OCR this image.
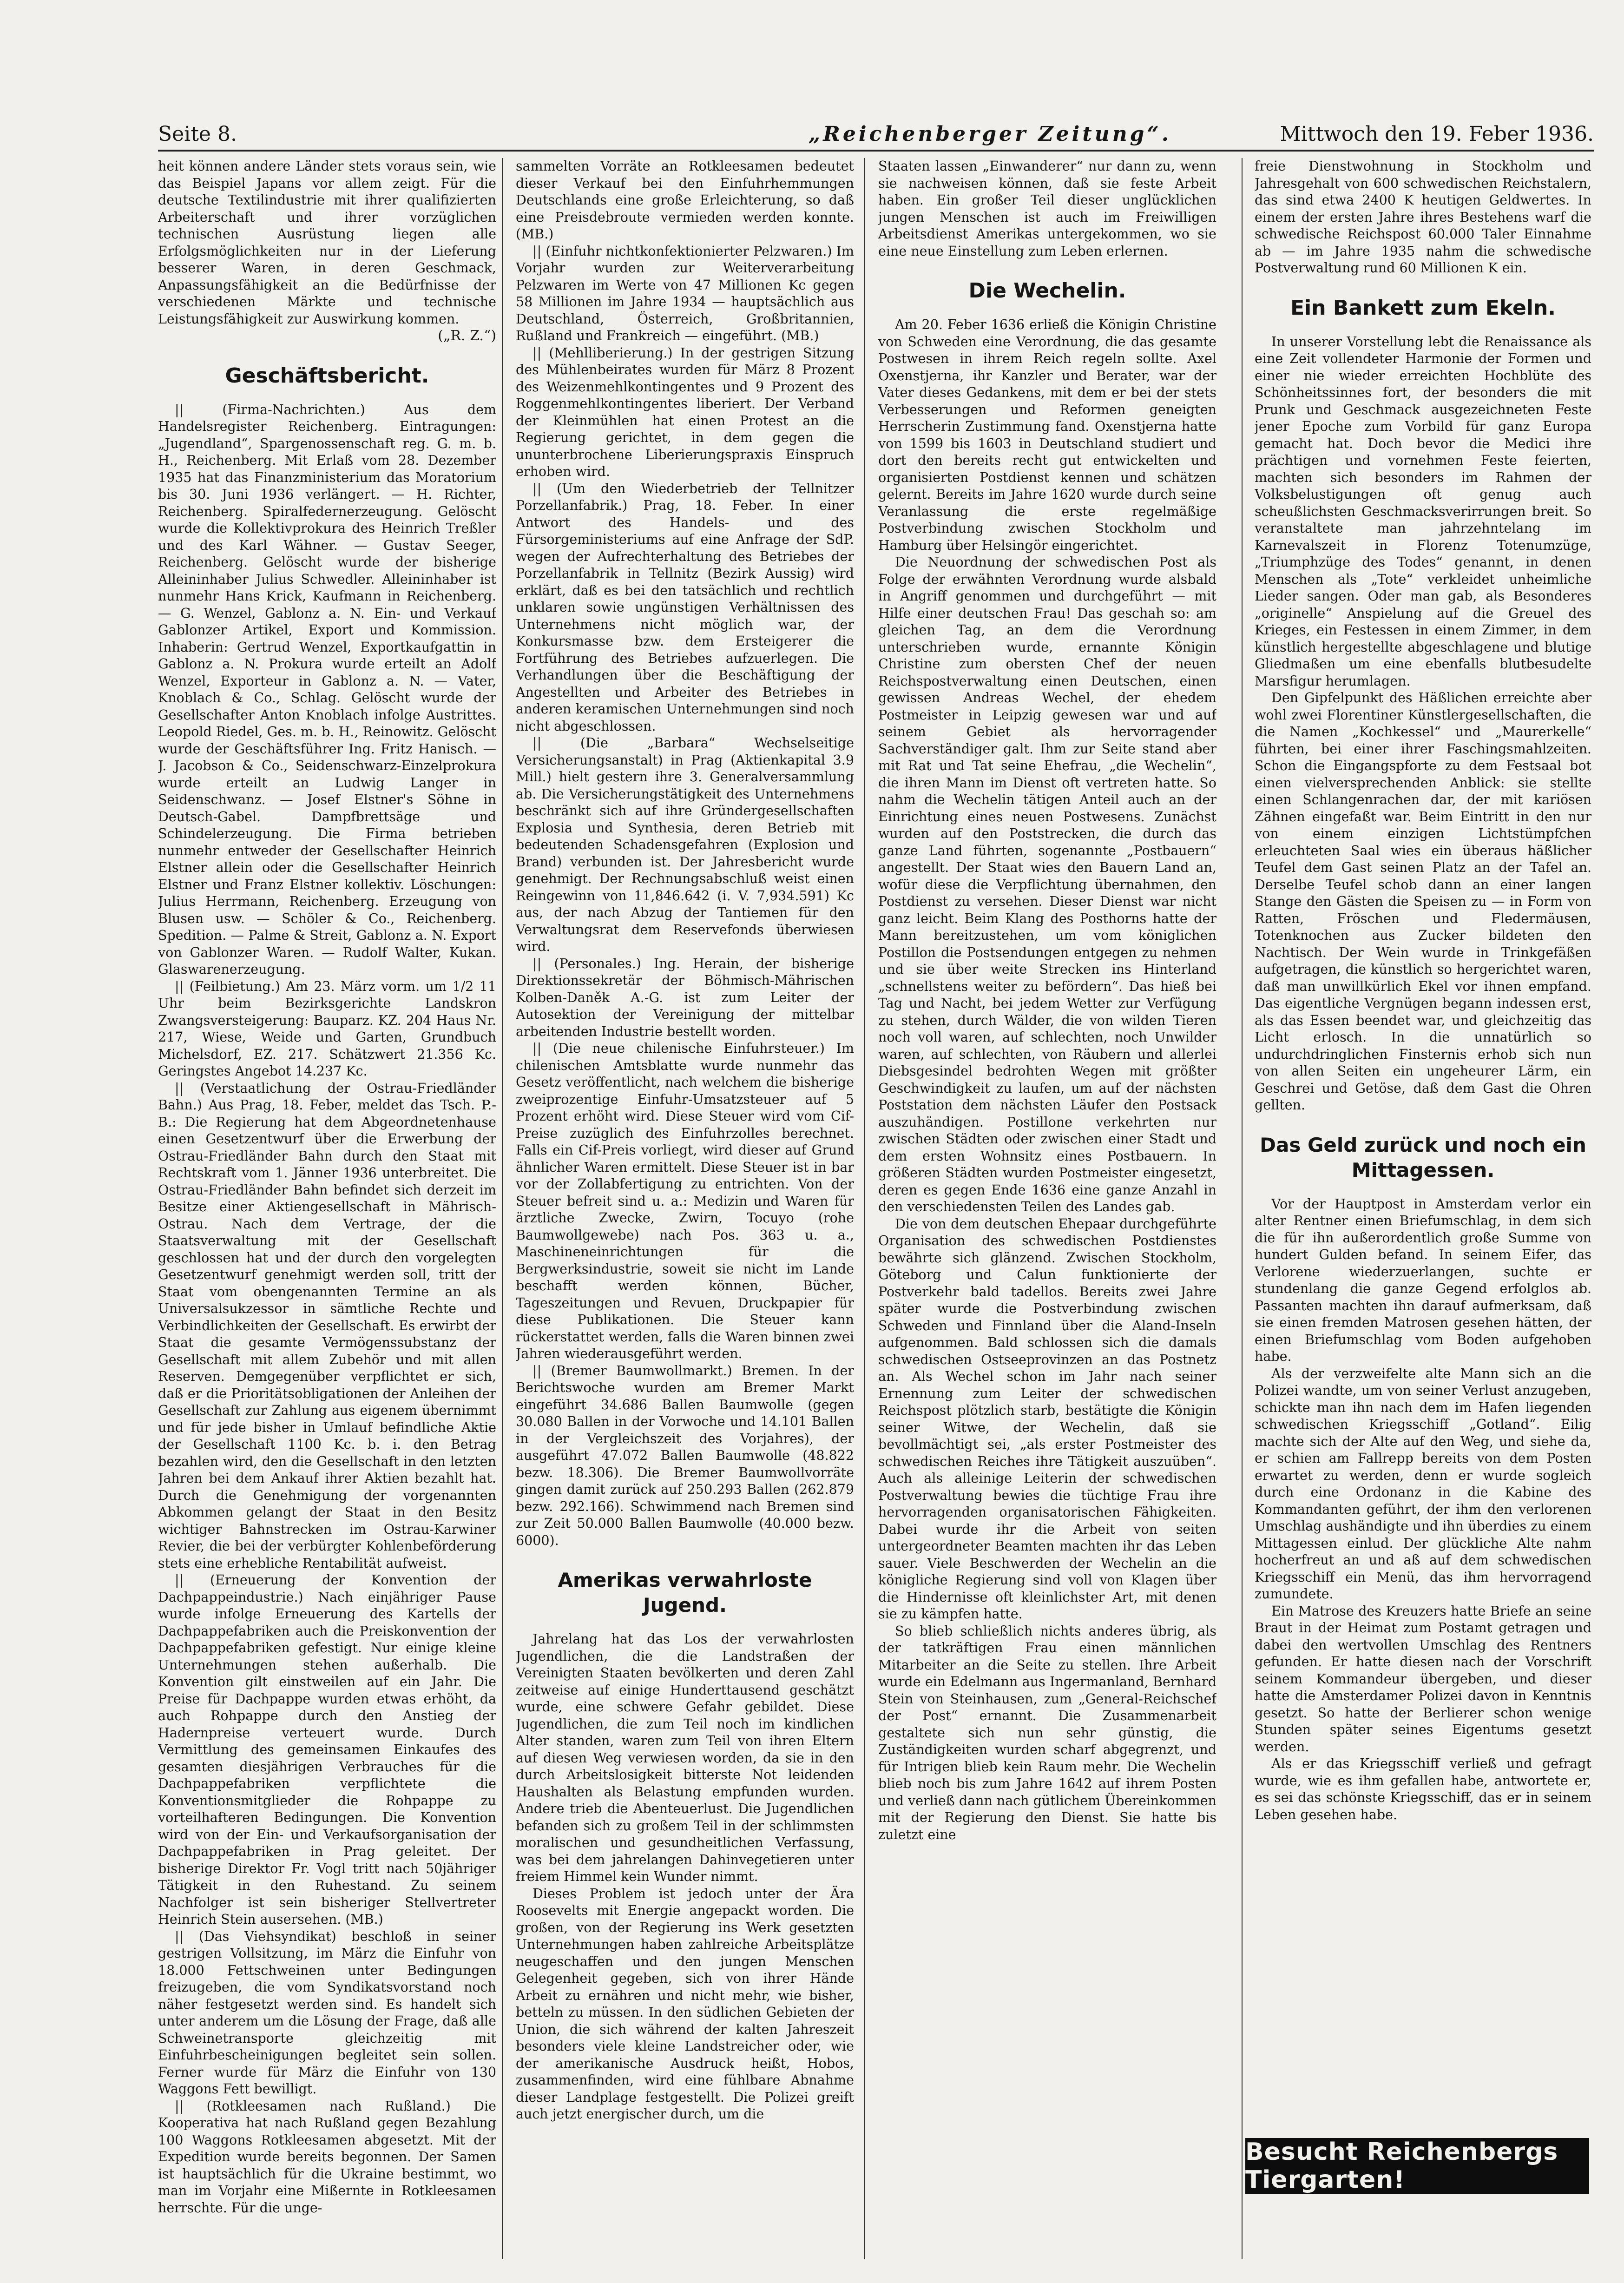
Seite 8.	„Reichenberger Zeitung“.	Mittwoch den 19. Feber 1936.

heit können andere Länder stets voraus sein, wie das Beispiel Japans vor allem zeigt. Für die deutsche Textilindustrie mit ihrer qualifizierten Arbeiterschaft und ihrer vorzüglichen technischen Ausrüstung liegen alle Erfolgsmöglichkeiten nur in der Lieferung besserer Waren, in deren Geschmack, Anpassungsfähigkeit an die Bedürfnisse der verschiedenen Märkte und technische Leistungsfähigkeit zur Auswirkung kommen.

(„R. Z.“)

Geschäftsbericht.

|| (Firma-Nachrichten.) Aus dem Handelsregister Reichenberg. Eintragungen: „Jugendland“, Spargenossenschaft reg. G. m. b. H., Reichenberg. Mit Erlaß vom 28. Dezember 1935 hat das Finanzministerium das Moratorium bis 30. Juni 1936 verlängert. — H. Richter, Reichenberg. Spiralfedernerzeugung. Gelöscht wurde die Kollektivprokura des Heinrich Treßler und des Karl Wähner. — Gustav Seeger, Reichenberg. Gelöscht wurde der bisherige Alleininhaber Julius Schwedler. Alleininhaber ist nunmehr Hans Krick, Kaufmann in Reichenberg. — G. Wenzel, Gablonz a. N. Ein- und Verkauf Gablonzer Artikel, Export und Kommission. Inhaberin: Gertrud Wenzel, Exportkaufgattin in Gablonz a. N. Prokura wurde erteilt an Adolf Wenzel, Exporteur in Gablonz a. N. — Vater, Knoblach & Co., Schlag. Gelöscht wurde der Gesellschafter Anton Knoblach infolge Austrittes. Leopold Riedel, Ges. m. b. H., Reinowitz. Gelöscht wurde der Geschäftsführer Ing. Fritz Hanisch. — J. Jacobson & Co., Seidenschwarz-Einzelprokura wurde erteilt an Ludwig Langer in Seidenschwanz. — Josef Elstner's Söhne in Deutsch-Gabel. Dampfbrettsäge und Schindelerzeugung. Die Firma betrieben nunmehr entweder der Gesellschafter Heinrich Elstner allein oder die Gesellschafter Heinrich Elstner und Franz Elstner kollektiv. Löschungen: Julius Herrmann, Reichenberg. Erzeugung von Blusen usw. — Schöler & Co., Reichenberg. Spedition. — Palme & Streit, Gablonz a. N. Export von Gablonzer Waren. — Rudolf Walter, Kukan. Glaswarenerzeugung.

|| (Feilbietung.) Am 23. März vorm. um 1/2 11 Uhr beim Bezirksgerichte Landskron Zwangsversteigerung: Bauparz. KZ. 204 Haus Nr. 217, Wiese, Weide und Garten, Grundbuch Michelsdorf, EZ. 217. Schätzwert 21.356 Kc. Geringstes Angebot 14.237 Kc.

|| (Verstaatlichung der Ostrau-Friedländer Bahn.) Aus Prag, 18. Feber, meldet das Tsch. P.-B.: Die Regierung hat dem Abgeordnetenhause einen Gesetzentwurf über die Erwerbung der Ostrau-Friedländer Bahn durch den Staat mit Rechtskraft vom 1. Jänner 1936 unterbreitet. Die Ostrau-Friedländer Bahn befindet sich derzeit im Besitze einer Aktiengesellschaft in Mährisch-Ostrau. Nach dem Vertrage, der die Staatsverwaltung mit der Gesellschaft geschlossen hat und der durch den vorgelegten Gesetzentwurf genehmigt werden soll, tritt der Staat vom obengenannten Termine an als Universalsukzessor in sämtliche Rechte und Verbindlichkeiten der Gesellschaft. Es erwirbt der Staat die gesamte Vermögenssubstanz der Gesellschaft mit allem Zubehör und mit allen Reserven. Demgegenüber verpflichtet er sich, daß er die Prioritätsobligationen der Anleihen der Gesellschaft zur Zahlung aus eigenem übernimmt und für jede bisher in Umlauf befindliche Aktie der Gesellschaft 1100 Kc. b. i. den Betrag bezahlen wird, den die Gesellschaft in den letzten Jahren bei dem Ankauf ihrer Aktien bezahlt hat. Durch die Genehmigung der vorgenannten Abkommen gelangt der Staat in den Besitz wichtiger Bahnstrecken im Ostrau-Karwiner Revier, die bei der verbürgter Kohlenbeförderung stets eine erhebliche Rentabilität aufweist.

|| (Erneuerung der Konvention der Dachpappeindustrie.) Nach einjähriger Pause wurde infolge Erneuerung des Kartells der Dachpappefabriken auch die Preiskonvention der Dachpappefabriken gefestigt. Nur einige kleine Unternehmungen stehen außerhalb. Die Konvention gilt einstweilen auf ein Jahr. Die Preise für Dachpappe wurden etwas erhöht, da auch Rohpappe durch den Anstieg der Hadernpreise verteuert wurde. Durch Vermittlung des gemeinsamen Einkaufes des gesamten diesjährigen Verbrauches für die Dachpappefabriken verpflichtete die Konventionsmitglieder die Rohpappe zu vorteilhafteren Bedingungen. Die Konvention wird von der Ein- und Verkaufsorganisation der Dachpappefabriken in Prag geleitet. Der bisherige Direktor Fr. Vogl tritt nach 50jähriger Tätigkeit in den Ruhestand. Zu seinem Nachfolger ist sein bisheriger Stellvertreter Heinrich Stein ausersehen. (MB.)

|| (Das Viehsyndikat) beschloß in seiner gestrigen Vollsitzung, im März die Einfuhr von 18.000 Fettschweinen unter Bedingungen freizugeben, die vom Syndikatsvorstand noch näher festgesetzt werden sind. Es handelt sich unter anderem um die Lösung der Frage, daß alle Schweinetransporte gleichzeitig mit Einfuhrbescheinigungen begleitet sein sollen. Ferner wurde für März die Einfuhr von 130 Waggons Fett bewilligt.

|| (Rotkleesamen nach Rußland.) Die Kooperativa hat nach Rußland gegen Bezahlung 100 Waggons Rotkleesamen abgesetzt. Mit der Expedition wurde bereits begonnen. Der Samen ist hauptsächlich für die Ukraine bestimmt, wo man im Vorjahr eine Mißernte in Rotkleesamen herrschte. Für die unge-

sammelten Vorräte an Rotkleesamen bedeutet dieser Verkauf bei den Einfuhrhemmungen Deutschlands eine große Erleichterung, so daß eine Preisdebroute vermieden werden konnte. (MB.)

|| (Einfuhr nichtkonfektionierter Pelzwaren.) Im Vorjahr wurden zur Weiterverarbeitung Pelzwaren im Werte von 47 Millionen Kc gegen 58 Millionen im Jahre 1934 — hauptsächlich aus Deutschland, Österreich, Großbritannien, Rußland und Frankreich — eingeführt. (MB.)

|| (Mehlliberierung.) In der gestrigen Sitzung des Mühlenbeirates wurden für März 8 Prozent des Weizenmehlkontingentes und 9 Prozent des Roggenmehlkontingentes liberiert. Der Verband der Kleinmühlen hat einen Protest an die Regierung gerichtet, in dem gegen die ununterbrochene Liberierungspraxis Einspruch erhoben wird.

|| (Um den Wiederbetrieb der Tellnitzer Porzellanfabrik.) Prag, 18. Feber. In einer Antwort des Handels- und des Fürsorgeministeriums auf eine Anfrage der SdP. wegen der Aufrechterhaltung des Betriebes der Porzellanfabrik in Tellnitz (Bezirk Aussig) wird erklärt, daß es bei den tatsächlich und rechtlich unklaren sowie ungünstigen Verhältnissen des Unternehmens nicht möglich war, der Konkursmasse bzw. dem Ersteigerer die Fortführung des Betriebes aufzuerlegen. Die Verhandlungen über die Beschäftigung der Angestellten und Arbeiter des Betriebes in anderen keramischen Unternehmungen sind noch nicht abgeschlossen.

|| (Die „Barbara“ Wechselseitige Versicherungsanstalt) in Prag (Aktienkapital 3.9 Mill.) hielt gestern ihre 3. Generalversammlung ab. Die Versicherungstätigkeit des Unternehmens beschränkt sich auf ihre Gründergesellschaften Explosia und Synthesia, deren Betrieb mit bedeutenden Schadensgefahren (Explosion und Brand) verbunden ist. Der Jahresbericht wurde genehmigt. Der Rechnungsabschluß weist einen Reingewinn von 11,846.642 (i. V. 7,934.591) Kc aus, der nach Abzug der Tantiemen für den Verwaltungsrat dem Reservefonds überwiesen wird.

|| (Personales.) Ing. Herain, der bisherige Direktionssekretär der Böhmisch-Mährischen Kolben-Daněk A.-G. ist zum Leiter der Autosektion der Vereinigung der mittelbar arbeitenden Industrie bestellt worden.

|| (Die neue chilenische Einfuhrsteuer.) Im chilenischen Amtsblatte wurde nunmehr das Gesetz veröffentlicht, nach welchem die bisherige zweiprozentige Einfuhr-Umsatzsteuer auf 5 Prozent erhöht wird. Diese Steuer wird vom Cif-Preise zuzüglich des Einfuhrzolles berechnet. Falls ein Cif-Preis vorliegt, wird dieser auf Grund ähnlicher Waren ermittelt. Diese Steuer ist in bar vor der Zollabfertigung zu entrichten. Von der Steuer befreit sind u. a.: Medizin und Waren für ärztliche Zwecke, Zwirn, Tocuyo (rohe Baumwollgewebe) nach Pos. 363 u. a., Maschineneinrichtungen für die Bergwerksindustrie, soweit sie nicht im Lande beschafft werden können, Bücher, Tageszeitungen und Revuen, Druckpapier für diese Publikationen. Die Steuer kann rückerstattet werden, falls die Waren binnen zwei Jahren wiederausgeführt werden.

|| (Bremer Baumwollmarkt.) Bremen. In der Berichtswoche wurden am Bremer Markt eingeführt 34.686 Ballen Baumwolle (gegen 30.080 Ballen in der Vorwoche und 14.101 Ballen in der Vergleichszeit des Vorjahres), der ausgeführt 47.072 Ballen Baumwolle (48.822 bezw. 18.306). Die Bremer Baumwollvorräte gingen damit zurück auf 250.293 Ballen (262.879 bezw. 292.166). Schwimmend nach Bremen sind zur Zeit 50.000 Ballen Baumwolle (40.000 bezw. 6000).

Amerikas verwahrloste Jugend.

Jahrelang hat das Los der verwahrlosten Jugendlichen, die die Landstraßen der Vereinigten Staaten bevölkerten und deren Zahl zeitweise auf einige Hunderttausend geschätzt wurde, eine schwere Gefahr gebildet. Diese Jugendlichen, die zum Teil noch im kindlichen Alter standen, waren zum Teil von ihren Eltern auf diesen Weg verwiesen worden, da sie in den durch Arbeitslosigkeit bitterste Not leidenden Haushalten als Belastung empfunden wurden. Andere trieb die Abenteuerlust. Die Jugendlichen befanden sich zu großem Teil in der schlimmsten moralischen und gesundheitlichen Verfassung, was bei dem jahrelangen Dahinvegetieren unter freiem Himmel kein Wunder nimmt.

Dieses Problem ist jedoch unter der Ära Roosevelts mit Energie angepackt worden. Die großen, von der Regierung ins Werk gesetzten Unternehmungen haben zahlreiche Arbeitsplätze neugeschaffen und den jungen Menschen Gelegenheit gegeben, sich von ihrer Hände Arbeit zu ernähren und nicht mehr, wie bisher, betteln zu müssen. In den südlichen Gebieten der Union, die sich während der kalten Jahreszeit besonders viele kleine Landstreicher oder, wie der amerikanische Ausdruck heißt, Hobos, zusammenfinden, wird eine fühlbare Abnahme dieser Landplage festgestellt. Die Polizei greift auch jetzt energischer durch, um die

Staaten lassen „Einwanderer“ nur dann zu, wenn sie nachweisen können, daß sie feste Arbeit haben. Ein großer Teil dieser unglücklichen jungen Menschen ist auch im Freiwilligen Arbeitsdienst Amerikas untergekommen, wo sie eine neue Einstellung zum Leben erlernen.

Die Wechelin.

Am 20. Feber 1636 erließ die Königin Christine von Schweden eine Verordnung, die das gesamte Postwesen in ihrem Reich regeln sollte. Axel Oxenstjerna, ihr Kanzler und Berater, war der Vater dieses Gedankens, mit dem er bei der stets Verbesserungen und Reformen geneigten Herrscherin Zustimmung fand. Oxenstjerna hatte von 1599 bis 1603 in Deutschland studiert und dort den bereits recht gut entwickelten und organisierten Postdienst kennen und schätzen gelernt. Bereits im Jahre 1620 wurde durch seine Veranlassung die erste regelmäßige Postverbindung zwischen Stockholm und Hamburg über Helsingör eingerichtet.

Die Neuordnung der schwedischen Post als Folge der erwähnten Verordnung wurde alsbald in Angriff genommen und durchgeführt — mit Hilfe einer deutschen Frau! Das geschah so: am gleichen Tag, an dem die Verordnung unterschrieben wurde, ernannte Königin Christine zum obersten Chef der neuen Reichspostverwaltung einen Deutschen, einen gewissen Andreas Wechel, der ehedem Postmeister in Leipzig gewesen war und auf seinem Gebiet als hervorragender Sachverständiger galt. Ihm zur Seite stand aber mit Rat und Tat seine Ehefrau, „die Wechelin“, die ihren Mann im Dienst oft vertreten hatte. So nahm die Wechelin tätigen Anteil auch an der Einrichtung eines neuen Postwesens. Zunächst wurden auf den Poststrecken, die durch das ganze Land führten, sogenannte „Postbauern“ angestellt. Der Staat wies den Bauern Land an, wofür diese die Verpflichtung übernahmen, den Postdienst zu versehen. Dieser Dienst war nicht ganz leicht. Beim Klang des Posthorns hatte der Mann bereitzustehen, um vom königlichen Postillon die Postsendungen entgegen zu nehmen und sie über weite Strecken ins Hinterland „schnellstens weiter zu befördern“. Das hieß bei Tag und Nacht, bei jedem Wetter zur Verfügung zu stehen, durch Wälder, die von wilden Tieren noch voll waren, auf schlechten, noch Unwilder waren, auf schlechten, von Räubern und allerlei Diebsgesindel bedrohten Wegen mit größter Geschwindigkeit zu laufen, um auf der nächsten Poststation dem nächsten Läufer den Postsack auszuhändigen. Postillone verkehrten nur zwischen Städten oder zwischen einer Stadt und dem ersten Wohnsitz eines Postbauern. In größeren Städten wurden Postmeister eingesetzt, deren es gegen Ende 1636 eine ganze Anzahl in den verschiedensten Teilen des Landes gab.

Die von dem deutschen Ehepaar durchgeführte Organisation des schwedischen Postdienstes bewährte sich glänzend. Zwischen Stockholm, Göteborg und Calun funktionierte der Postverkehr bald tadellos. Bereits zwei Jahre später wurde die Postverbindung zwischen Schweden und Finnland über die Aland-Inseln aufgenommen. Bald schlossen sich die damals schwedischen Ostseeprovinzen an das Postnetz an. Als Wechel schon im Jahr nach seiner Ernennung zum Leiter der schwedischen Reichspost plötzlich starb, bestätigte die Königin seiner Witwe, der Wechelin, daß sie bevollmächtigt sei, „als erster Postmeister des schwedischen Reiches ihre Tätigkeit auszuüben“. Auch als alleinige Leiterin der schwedischen Postverwaltung bewies die tüchtige Frau ihre hervorragenden organisatorischen Fähigkeiten. Dabei wurde ihr die Arbeit von seiten untergeordneter Beamten machten ihr das Leben sauer. Viele Beschwerden der Wechelin an die königliche Regierung sind voll von Klagen über die Hindernisse oft kleinlichster Art, mit denen sie zu kämpfen hatte.

So blieb schließlich nichts anderes übrig, als der tatkräftigen Frau einen männlichen Mitarbeiter an die Seite zu stellen. Ihre Arbeit wurde ein Edelmann aus Ingermanland, Bernhard Stein von Steinhausen, zum „General-Reichschef der Post“ ernannt. Die Zusammenarbeit gestaltete sich nun sehr günstig, die Zuständigkeiten wurden scharf abgegrenzt, und für Intrigen blieb kein Raum mehr. Die Wechelin blieb noch bis zum Jahre 1642 auf ihrem Posten und verließ dann nach gütlichem Übereinkommen mit der Regierung den Dienst. Sie hatte bis zuletzt eine

freie Dienstwohnung in Stockholm und Jahresgehalt von 600 schwedischen Reichstalern, das sind etwa 2400 K heutigen Geldwertes. In einem der ersten Jahre ihres Bestehens warf die schwedische Reichspost 60.000 Taler Einnahme ab — im Jahre 1935 nahm die schwedische Postverwaltung rund 60 Millionen K ein.

Ein Bankett zum Ekeln.

In unserer Vorstellung lebt die Renaissance als eine Zeit vollendeter Harmonie der Formen und einer nie wieder erreichten Hochblüte des Schönheitssinnes fort, der besonders die mit Prunk und Geschmack ausgezeichneten Feste jener Epoche zum Vorbild für ganz Europa gemacht hat. Doch bevor die Medici ihre prächtigen und vornehmen Feste feierten, machten sich besonders im Rahmen der Volksbelustigungen oft genug auch scheußlichsten Geschmacksverirrungen breit. So veranstaltete man jahrzehntelang im Karnevalszeit in Florenz Totenumzüge, „Triumphzüge des Todes“ genannt, in denen Menschen als „Tote“ verkleidet unheimliche Lieder sangen. Oder man gab, als Besonderes „originelle“ Anspielung auf die Greuel des Krieges, ein Festessen in einem Zimmer, in dem künstlich hergestellte abgeschlagene und blutige Gliedmaßen um eine ebenfalls blutbesudelte Marsfigur herumlagen.

Den Gipfelpunkt des Häßlichen erreichte aber wohl zwei Florentiner Künstlergesellschaften, die die Namen „Kochkessel“ und „Maurerkelle“ führten, bei einer ihrer Faschingsmahlzeiten. Schon die Eingangspforte zu dem Festsaal bot einen vielversprechenden Anblick: sie stellte einen Schlangenrachen dar, der mit kariösen Zähnen eingefaßt war. Beim Eintritt in den nur von einem einzigen Lichtstümpfchen erleuchteten Saal wies ein überaus häßlicher Teufel dem Gast seinen Platz an der Tafel an. Derselbe Teufel schob dann an einer langen Stange den Gästen die Speisen zu — in Form von Ratten, Fröschen und Fledermäusen, Totenknochen aus Zucker bildeten den Nachtisch. Der Wein wurde in Trinkgefäßen aufgetragen, die künstlich so hergerichtet waren, daß man unwillkürlich Ekel vor ihnen empfand. Das eigentliche Vergnügen begann indessen erst, als das Essen beendet war, und gleichzeitig das Licht erlosch. In die unnatürlich so undurchdringlichen Finsternis erhob sich nun von allen Seiten ein ungeheurer Lärm, ein Geschrei und Getöse, daß dem Gast die Ohren gellten.

Das Geld zurück und noch ein Mittagessen.

Vor der Hauptpost in Amsterdam verlor ein alter Rentner einen Briefumschlag, in dem sich die für ihn außerordentlich große Summe von hundert Gulden befand. In seinem Eifer, das Verlorene wiederzuerlangen, suchte er stundenlang die ganze Gegend erfolglos ab. Passanten machten ihn darauf aufmerksam, daß sie einen fremden Matrosen gesehen hätten, der einen Briefumschlag vom Boden aufgehoben habe.

Als der verzweifelte alte Mann sich an die Polizei wandte, um von seiner Verlust anzugeben, schickte man ihn nach dem im Hafen liegenden schwedischen Kriegsschiff „Gotland“. Eilig machte sich der Alte auf den Weg, und siehe da, er schien am Fallrepp bereits von dem Posten erwartet zu werden, denn er wurde sogleich durch eine Ordonanz in die Kabine des Kommandanten geführt, der ihm den verlorenen Umschlag aushändigte und ihn überdies zu einem Mittagessen einlud. Der glückliche Alte nahm hocherfreut an und aß auf dem schwedischen Kriegsschiff ein Menü, das ihm hervorragend zumundete.

Ein Matrose des Kreuzers hatte Briefe an seine Braut in der Heimat zum Postamt getragen und dabei den wertvollen Umschlag des Rentners gefunden. Er hatte diesen nach der Vorschrift seinem Kommandeur übergeben, und dieser hatte die Amsterdamer Polizei davon in Kenntnis gesetzt. So hatte der Berlierer schon wenige Stunden später seines Eigentums gesetzt werden.

Als er das Kriegsschiff verließ und gefragt wurde, wie es ihm gefallen habe, antwortete er, es sei das schönste Kriegsschiff, das er in seinem Leben gesehen habe.

Besucht Reichenbergs Tiergarten!
